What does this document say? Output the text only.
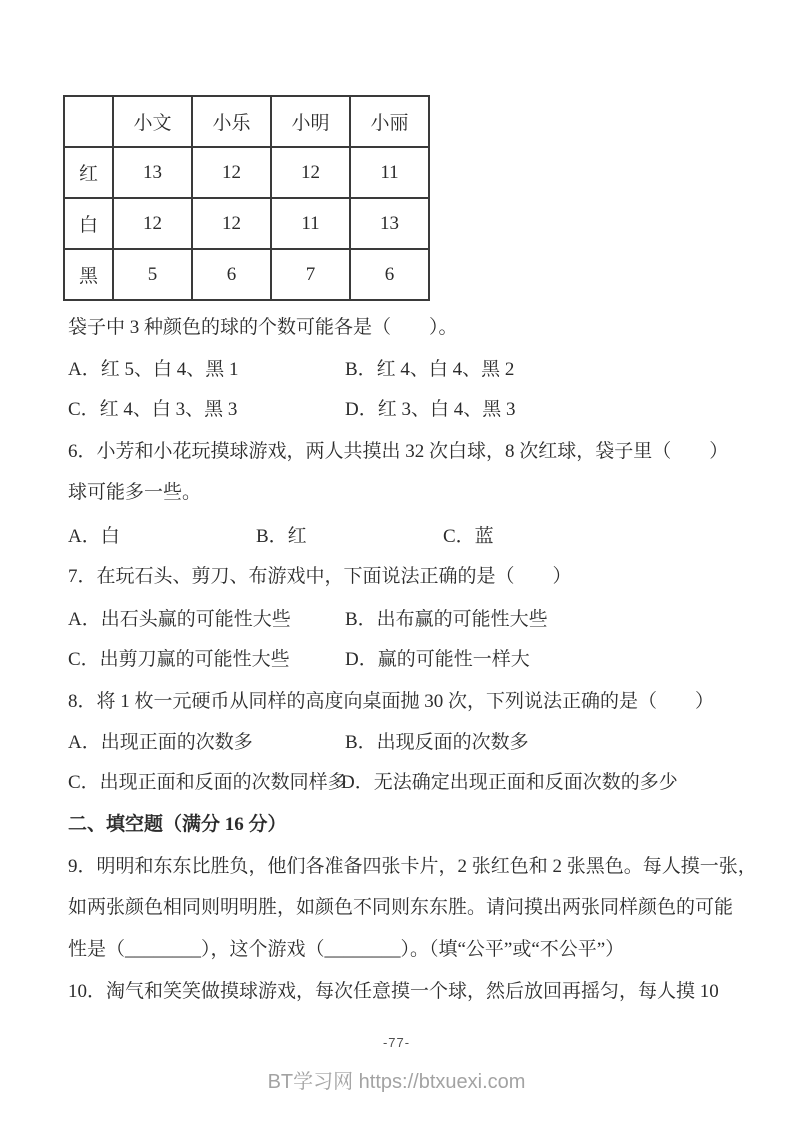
	小文	小乐	小明	小丽
红	13	12	12	11
白	12	12	11	13
黑	5	6	7	6
袋子中 3 种颜色的球的个数可能各是（　　）。
A．红 5、白 4、黑 1	B．红 4、白 4、黑 2
C．红 4、白 3、黑 3	D．红 3、白 4、黑 3
6．小芳和小花玩摸球游戏，两人共摸出 32 次白球，8 次红球，袋子里（　　）
球可能多一些。
A．白	B．红	C．蓝
7．在玩石头、剪刀、布游戏中，下面说法正确的是（　　）
A．出石头赢的可能性大些	B．出布赢的可能性大些
C．出剪刀赢的可能性大些	D．赢的可能性一样大
8．将 1 枚一元硬币从同样的高度向桌面抛 30 次，下列说法正确的是（　　）
A．出现正面的次数多	B．出现反面的次数多
C．出现正面和反面的次数同样多
D．无法确定出现正面和反面次数的多少
二、填空题（满分 16 分）
9．明明和东东比胜负，他们各准备四张卡片，2 张红色和 2 张黑色。每人摸一张，
如两张颜色相同则明明胜，如颜色不同则东东胜。请问摸出两张同样颜色的可能
性是（________），这个游戏（________）。（填“公平”或“不公平”）
10．淘气和笑笑做摸球游戏，每次任意摸一个球，然后放回再摇匀，每人摸 10
-77-
BT学习网 https://btxuexi.com
